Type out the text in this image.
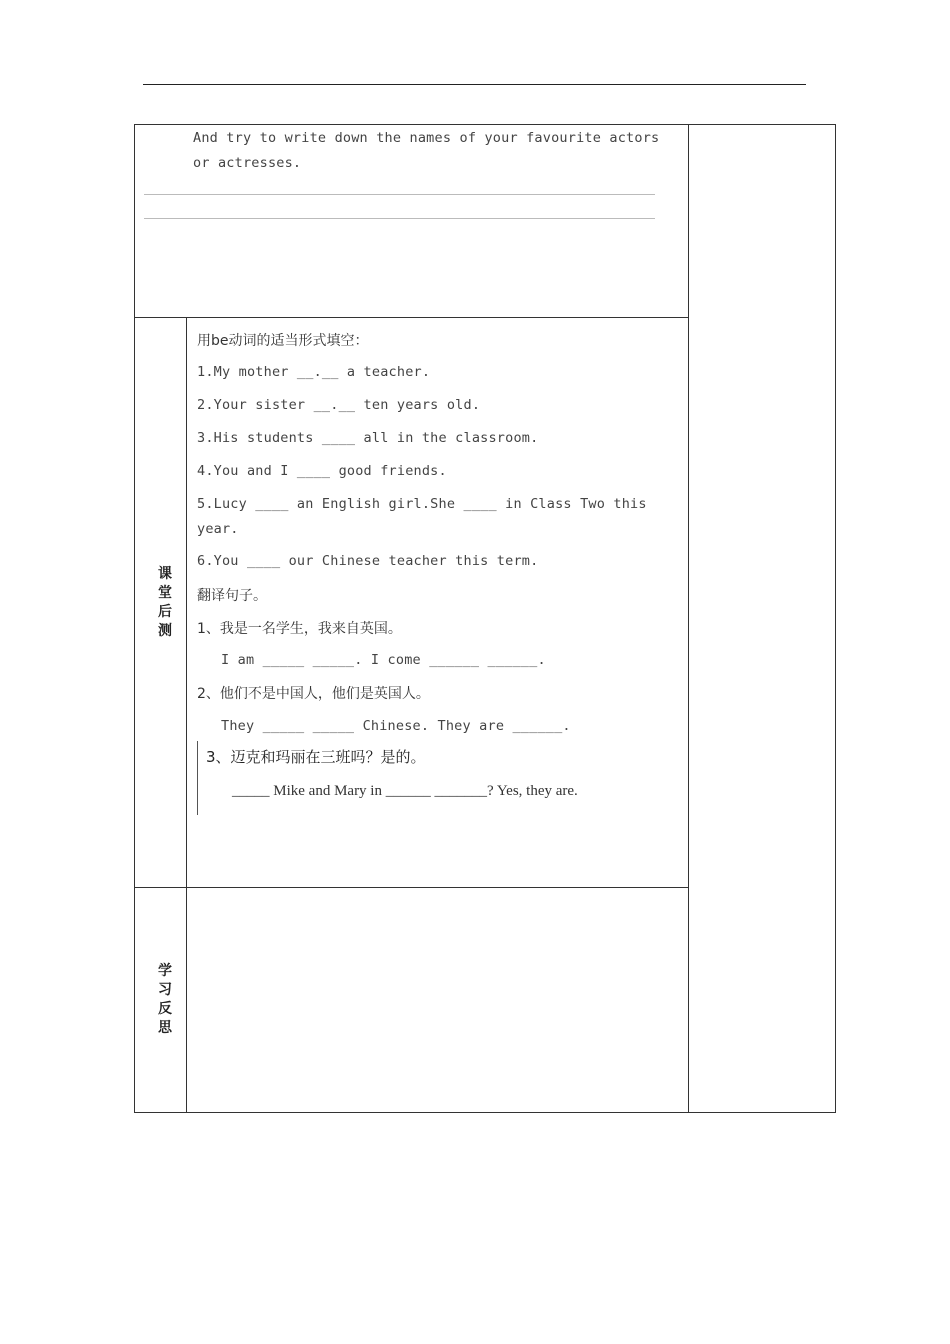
And try to write down the names of your favourite actors
or actresses.
课堂后测
用be动词的适当形式填空：
1.My mother __.__ a teacher.
2.Your sister __.__ ten years old.
3.His students ____ all in the classroom.
4.You and I ____ good friends.
5.Lucy ____ an English girl.She ____ in Class Two this
year.
6.You ____ our Chinese teacher this term.
翻译句子。
1、我是一名学生，我来自英国。
I am _____ _____. I come ______ ______.
2、他们不是中国人，他们是英国人。
They _____ _____ Chinese. They are ______.
3、迈克和玛丽在三班吗？是的。
_____ Mike and Mary in ______ _______? Yes, they are.
学习反思
